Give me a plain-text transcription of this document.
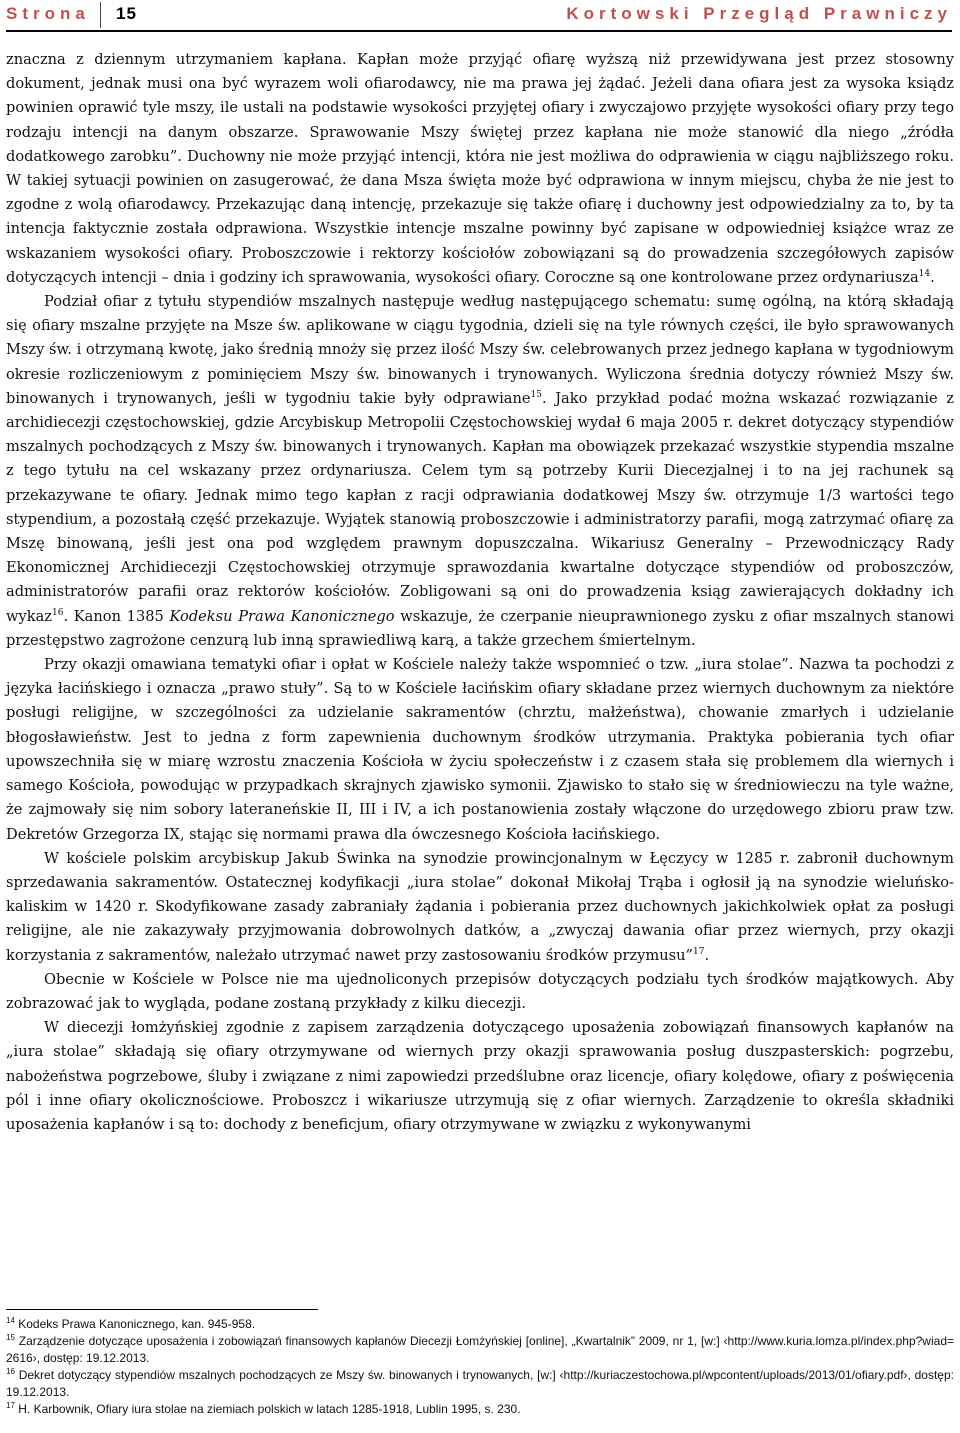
Strona 15	Kortowski Przegląd Prawniczy

znaczna z dziennym utrzymaniem kapłana. Kapłan może przyjąć ofiarę wyższą niż przewidywana jest przez stosowny dokument, jednak musi ona być wyrazem woli ofiarodawcy, nie ma prawa jej żądać. Jeżeli dana ofiara jest za wysoka ksiądz powinien oprawić tyle mszy, ile ustali na podstawie wysokości przyjętej ofiary i zwyczajowo przyjęte wysokości ofiary przy tego rodzaju intencji na danym obszarze. Sprawowanie Mszy świętej przez kapłana nie może stanowić dla niego „źródła dodatkowego zarobku”. Duchowny nie może przyjąć intencji, która nie jest możliwa do odprawienia w ciągu najbliższego roku. W takiej sytuacji powinien on zasugerować, że dana Msza święta może być odprawiona w innym miejscu, chyba że nie jest to zgodne z wolą ofiarodawcy. Przekazując daną intencję, przekazuje się także ofiarę i duchowny jest odpowiedzialny za to, by ta intencja faktycznie została odprawiona. Wszystkie intencje mszalne powinny być zapisane w odpowiedniej książce wraz ze wskazaniem wysokości ofiary. Proboszczowie i rektorzy kościołów zobowiązani są do prowadzenia szczegółowych zapisów dotyczących intencji – dnia i godziny ich sprawowania, wysokości ofiary. Coroczne są one kontrolowane przez ordynariusza$^{14}$.

Podział ofiar z tytułu stypendiów mszalnych następuje według następującego schematu: sumę ogólną, na którą składają się ofiary mszalne przyjęte na Msze św. aplikowane w ciągu tygodnia, dzieli się na tyle równych części, ile było sprawowanych Mszy św. i otrzymaną kwotę, jako średnią mnoży się przez ilość Mszy św. celebrowanych przez jednego kapłana w tygodniowym okresie rozliczeniowym z pominięciem Mszy św. binowanych i trynowanych. Wyliczona średnia dotyczy również Mszy św. binowanych i trynowanych, jeśli w tygodniu takie były odprawiane$^{15}$. Jako przykład podać można wskazać rozwiązanie z archidiecezji częstochowskiej, gdzie Arcybiskup Metropolii Częstochowskiej wydał 6 maja 2005 r. dekret dotyczący stypendiów mszalnych pochodzących z Mszy św. binowanych i trynowanych. Kapłan ma obowiązek przekazać wszystkie stypendia mszalne z tego tytułu na cel wskazany przez ordynariusza. Celem tym są potrzeby Kurii Diecezjalnej i to na jej rachunek są przekazywane te ofiary. Jednak mimo tego kapłan z racji odprawiania dodatkowej Mszy św. otrzymuje 1/3 wartości tego stypendium, a pozostałą część przekazuje. Wyjątek stanowią proboszczowie i administratorzy parafii, mogą zatrzymać ofiarę za Mszę binowaną, jeśli jest ona pod względem prawnym dopuszczalna. Wikariusz Generalny – Przewodniczący Rady Ekonomicznej Archidiecezji Częstochowskiej otrzymuje sprawozdania kwartalne dotyczące stypendiów od proboszczów, administratorów parafii oraz rektorów kościołów. Zobligowani są oni do prowadzenia ksiąg zawierających dokładny ich wykaz$^{16}$. Kanon 1385 Kodeksu Prawa Kanonicznego wskazuje, że czerpanie nieuprawnionego zysku z ofiar mszalnych stanowi przestępstwo zagrożone cenzurą lub inną sprawiedliwą karą, a także grzechem śmiertelnym.

Przy okazji omawiana tematyki ofiar i opłat w Kościele należy także wspomnieć o tzw. „iura stolae”. Nazwa ta pochodzi z języka łacińskiego i oznacza „prawo stuły”. Są to w Kościele łacińskim ofiary składane przez wiernych duchownym za niektóre posługi religijne, w szczególności za udzielanie sakramentów (chrztu, małżeństwa), chowanie zmarłych i udzielanie błogosławieństw. Jest to jedna z form zapewnienia duchownym środków utrzymania. Praktyka pobierania tych ofiar upowszechniła się w miarę wzrostu znaczenia Kościoła w życiu społeczeństw i z czasem stała się problemem dla wiernych i samego Kościoła, powodując w przypadkach skrajnych zjawisko symonii. Zjawisko to stało się w średniowieczu na tyle ważne, że zajmowały się nim sobory lateraneńskie II, III i IV, a ich postanowienia zostały włączone do urzędowego zbioru praw tzw. Dekretów Grzegorza IX, stając się normami prawa dla ówczesnego Kościoła łacińskiego.

W kościele polskim arcybiskup Jakub Świnka na synodzie prowincjonalnym w Łęczycy w 1285 r. zabronił duchownym sprzedawania sakramentów. Ostatecznej kodyfikacji „iura stolae” dokonał Mikołaj Trąba i ogłosił ją na synodzie wieluńsko-kaliskim w 1420 r. Skodyfikowane zasady zabraniały żądania i pobierania przez duchownych jakichkolwiek opłat za posługi religijne, ale nie zakazywały przyjmowania dobrowolnych datków, a „zwyczaj dawania ofiar przez wiernych, przy okazji korzystania z sakramentów, należało utrzymać nawet przy zastosowaniu środków przymusu”$^{17}$.

Obecnie w Kościele w Polsce nie ma ujednoliconych przepisów dotyczących podziału tych środków majątkowych. Aby zobrazować jak to wygląda, podane zostaną przykłady z kilku diecezji.

W diecezji łomżyńskiej zgodnie z zapisem zarządzenia dotyczącego uposażenia zobowiązań finansowych kapłanów na „iura stolae” składają się ofiary otrzymywane od wiernych przy okazji sprawowania posług duszpasterskich: pogrzebu, nabożeństwa pogrzebowe, śluby i związane z nimi zapowiedzi przedślubne oraz licencje, ofiary kolędowe, ofiary z poświęcenia pól i inne ofiary okolicznościowe. Proboszcz i wikariusze utrzymują się z ofiar wiernych. Zarządzenie to określa składniki uposażenia kapłanów i są to: dochody z beneficjum, ofiary otrzymywane w związku z wykonywanymi

$^{14}$ Kodeks Prawa Kanonicznego, kan. 945-958.

$^{15}$ Zarządzenie dotyczące uposażenia i zobowiązań finansowych kapłanów Diecezji Łomżyńskiej [online], „Kwartalnik” 2009, nr 1, [w:] ‹http://www.kuria.lomza.pl/index.php?wiad= 2616›, dostęp: 19.12.2013.

$^{16}$ Dekret dotyczący stypendiów mszalnych pochodzących ze Mszy św. binowanych i trynowanych, [w:] ‹http://kuriaczestochowa.pl/wpcontent/uploads/2013/01/ofiary.pdf›, dostęp: 19.12.2013.

$^{17}$ H. Karbownik, Ofiary iura stolae na ziemiach polskich w latach 1285-1918, Lublin 1995, s. 230.
